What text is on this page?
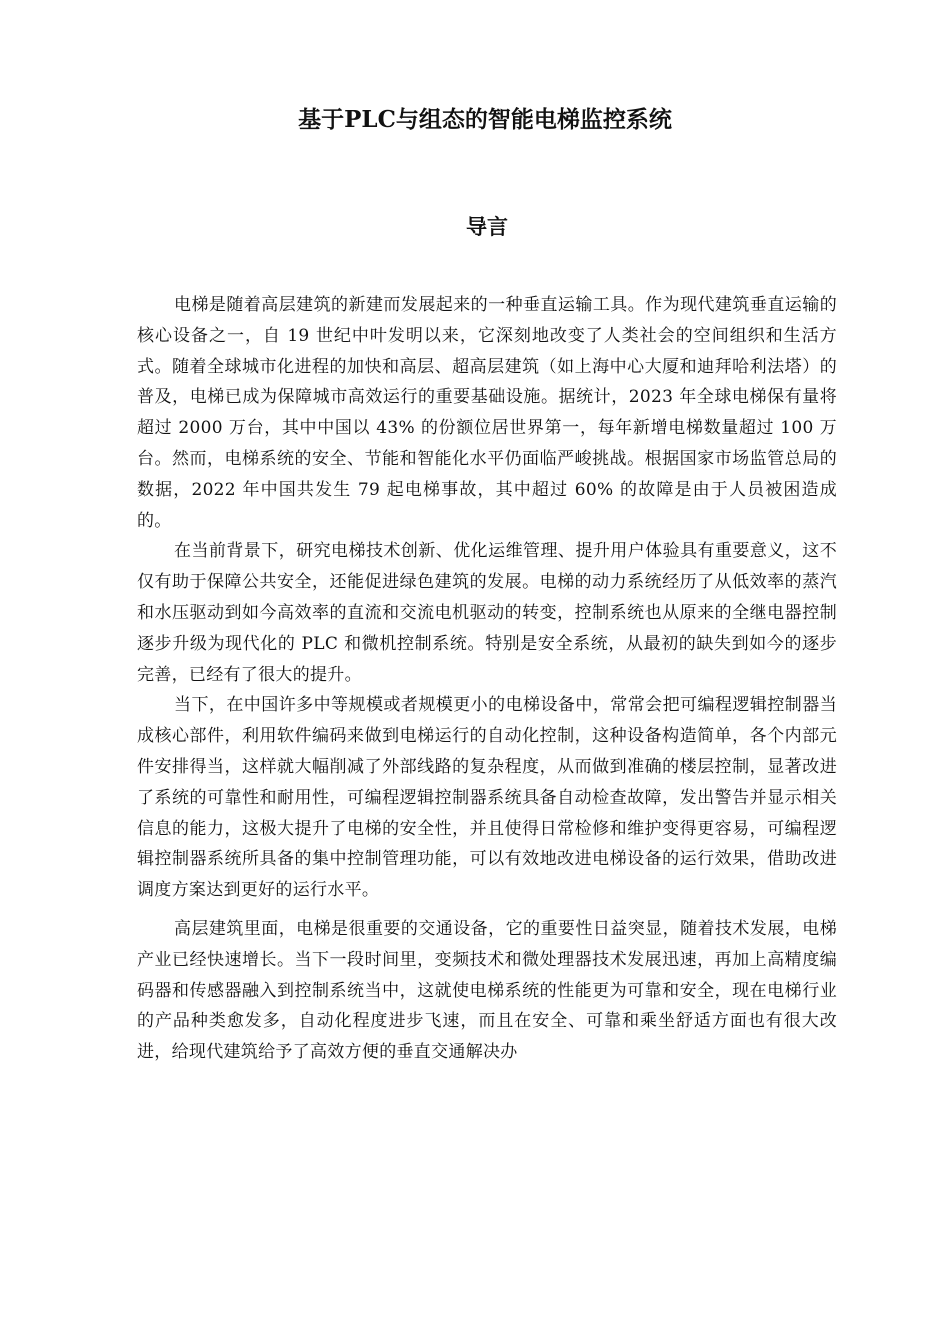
基于PLC与组态的智能电梯监控系统
导言

电梯是随着高层建筑的新建而发展起来的一种垂直运输工具。作为现代建筑垂直运输的核心设备之一，自 19 世纪中叶发明以来，它深刻地改变了人类社会的空间组织和生活方式。随着全球城市化进程的加快和高层、超高层建筑（如上海中心大厦和迪拜哈利法塔）的普及，电梯已成为保障城市高效运行的重要基础设施。据统计，2023 年全球电梯保有量将超过 2000 万台，其中中国以 43% 的份额位居世界第一，每年新增电梯数量超过 100 万台。然而，电梯系统的安全、节能和智能化水平仍面临严峻挑战。根据国家市场监管总局的数据，2022 年中国共发生 79 起电梯事故，其中超过 60% 的故障是由于人员被困造成的。

在当前背景下，研究电梯技术创新、优化运维管理、提升用户体验具有重要意义，这不仅有助于保障公共安全，还能促进绿色建筑的发展。电梯的动力系统经历了从低效率的蒸汽和水压驱动到如今高效率的直流和交流电机驱动的转变，控制系统也从原来的全继电器控制逐步升级为现代化的 PLC 和微机控制系统。特别是安全系统，从最初的缺失到如今的逐步完善，已经有了很大的提升。

当下，在中国许多中等规模或者规模更小的电梯设备中，常常会把可编程逻辑控制器当成核心部件，利用软件编码来做到电梯运行的自动化控制，这种设备构造简单，各个内部元件安排得当，这样就大幅削减了外部线路的复杂程度，从而做到准确的楼层控制，显著改进了系统的可靠性和耐用性，可编程逻辑控制器系统具备自动检查故障，发出警告并显示相关信息的能力，这极大提升了电梯的安全性，并且使得日常检修和维护变得更容易，可编程逻辑控制器系统所具备的集中控制管理功能，可以有效地改进电梯设备的运行效果，借助改进调度方案达到更好的运行水平。

高层建筑里面，电梯是很重要的交通设备，它的重要性日益突显，随着技术发展，电梯产业已经快速增长。当下一段时间里，变频技术和微处理器技术发展迅速，再加上高精度编码器和传感器融入到控制系统当中，这就使电梯系统的性能更为可靠和安全，现在电梯行业的产品种类愈发多，自动化程度进步飞速，而且在安全、可靠和乘坐舒适方面也有很大改进，给现代建筑给予了高效方便的垂直交通解决办
